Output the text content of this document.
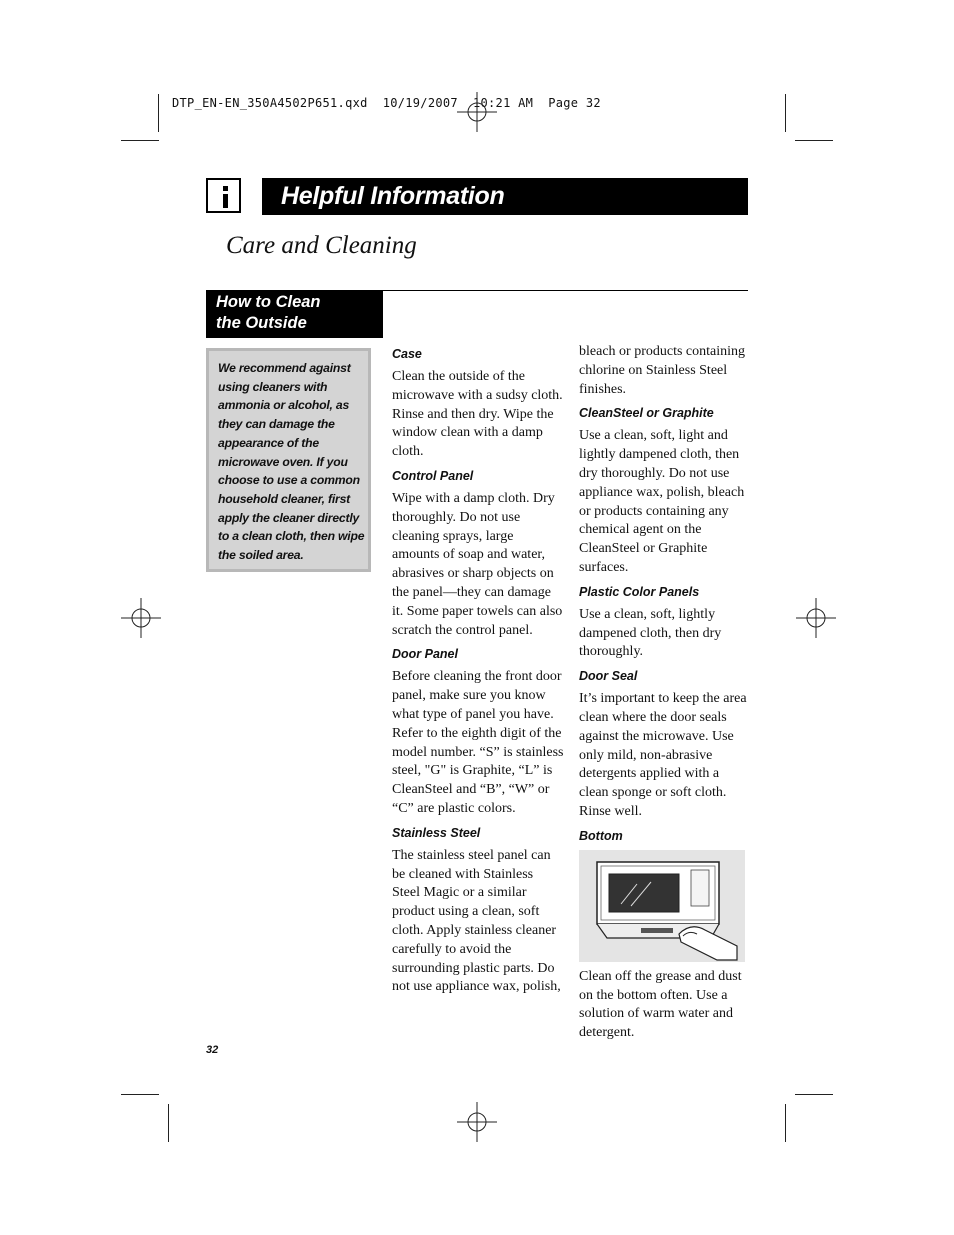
DTP_EN-EN_350A4502P651.qxd  10/19/2007  10:21 AM  Page 32
Helpful Information
Care and Cleaning
How to Clean
the Outside
We recommend against using cleaners with ammonia or alcohol, as they can damage the appearance of the microwave oven. If you choose to use a common household cleaner, first apply the cleaner directly to a clean cloth, then wipe the soiled area.
Case

Clean the outside of the microwave with a sudsy cloth. Rinse and then dry. Wipe the window clean with a damp cloth.

Control Panel

Wipe with a damp cloth. Dry thoroughly. Do not use cleaning sprays, large amounts of soap and water, abrasives or sharp objects on the panel—they can damage it. Some paper towels can also scratch the control panel.

Door Panel

Before cleaning the front door panel, make sure you know what type of panel you have. Refer to the eighth digit of the model number. “S” is stainless steel, "G" is Graphite, “L” is CleanSteel and “B”, “W” or “C” are plastic colors.

Stainless Steel

The stainless steel panel can be cleaned with Stainless Steel Magic or a similar product using a clean, soft cloth. Apply stainless cleaner carefully to avoid the surrounding plastic parts. Do not use appliance wax, polish,

bleach or products containing chlorine on Stainless Steel finishes.

CleanSteel or Graphite

Use a clean, soft, light and lightly dampened cloth, then dry thoroughly. Do not use appliance wax, polish, bleach or products containing any chemical agent on the CleanSteel or Graphite surfaces.

Plastic Color Panels

Use a clean, soft, lightly dampened cloth, then dry thoroughly.

Door Seal

It’s important to keep the area clean where the door seals against the microwave. Use only mild, non-abrasive detergents applied with a clean sponge or soft cloth. Rinse well.

Bottom

Clean off the grease and dust on the bottom often. Use a solution of warm water and detergent.

32
